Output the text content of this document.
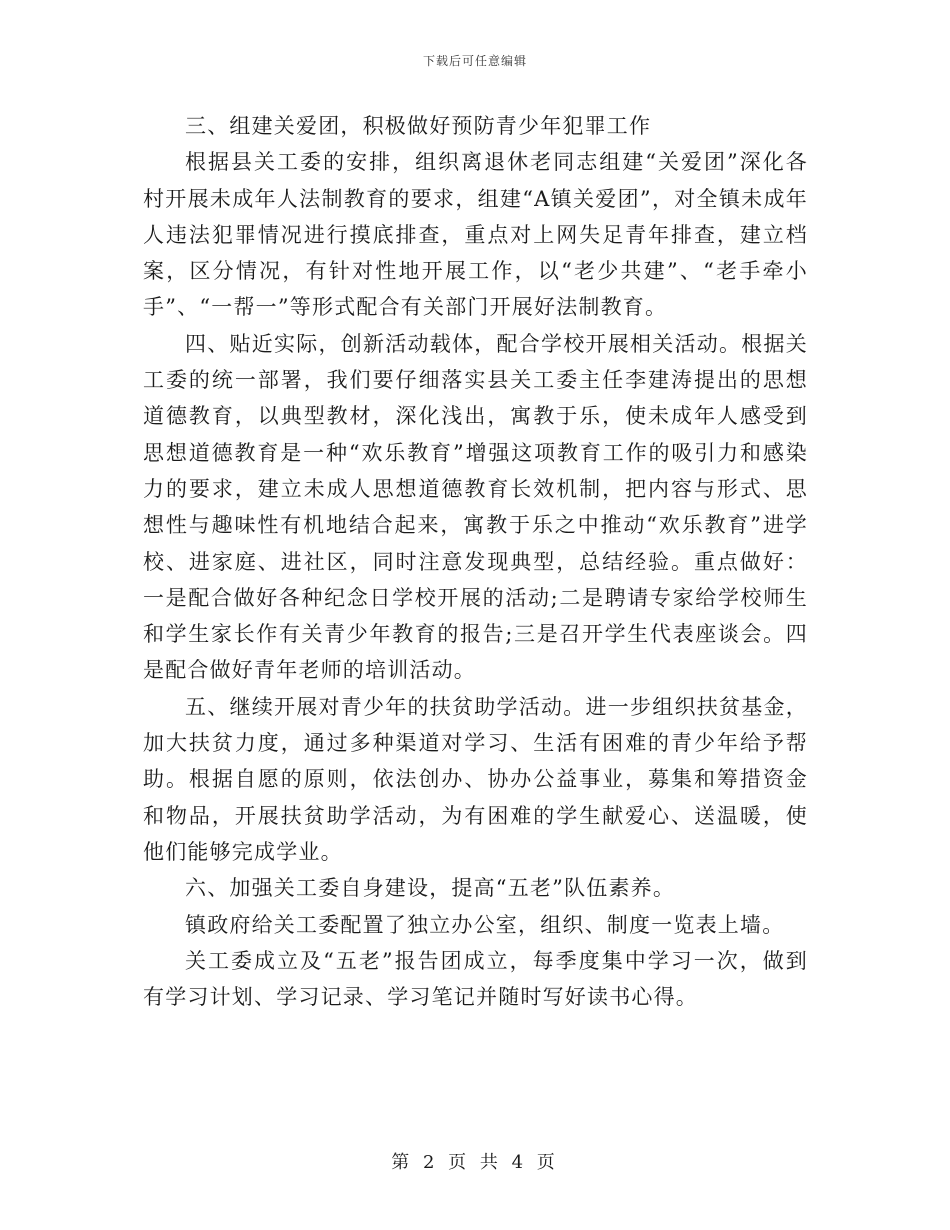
下载后可任意编辑

三、组建关爱团，积极做好预防青少年犯罪工作

根据县关工委的安排，组织离退休老同志组建“关爱团”深化各村开展未成年人法制教育的要求，组建“A镇关爱团”，对全镇未成年人违法犯罪情况进行摸底排查，重点对上网失足青年排查，建立档案，区分情况，有针对性地开展工作，以“老少共建”、“老手牵小手”、“一帮一”等形式配合有关部门开展好法制教育。

四、贴近实际，创新活动载体，配合学校开展相关活动。根据关工委的统一部署，我们要仔细落实县关工委主任李建涛提出的思想道德教育，以典型教材，深化浅出，寓教于乐，使未成年人感受到思想道德教育是一种“欢乐教育”增强这项教育工作的吸引力和感染力的要求，建立未成人思想道德教育长效机制，把内容与形式、思想性与趣味性有机地结合起来，寓教于乐之中推动“欢乐教育”进学校、进家庭、进社区，同时注意发现典型，总结经验。重点做好：一是配合做好各种纪念日学校开展的活动;二是聘请专家给学校师生和学生家长作有关青少年教育的报告;三是召开学生代表座谈会。四是配合做好青年老师的培训活动。

五、继续开展对青少年的扶贫助学活动。进一步组织扶贫基金，加大扶贫力度，通过多种渠道对学习、生活有困难的青少年给予帮助。根据自愿的原则，依法创办、协办公益事业，募集和筹措资金和物品，开展扶贫助学活动，为有困难的学生献爱心、送温暖，使他们能够完成学业。

六、加强关工委自身建设，提高“五老”队伍素养。

镇政府给关工委配置了独立办公室，组织、制度一览表上墙。

关工委成立及“五老”报告团成立，每季度集中学习一次，做到有学习计划、学习记录、学习笔记并随时写好读书心得。

第 2 页 共 4 页
